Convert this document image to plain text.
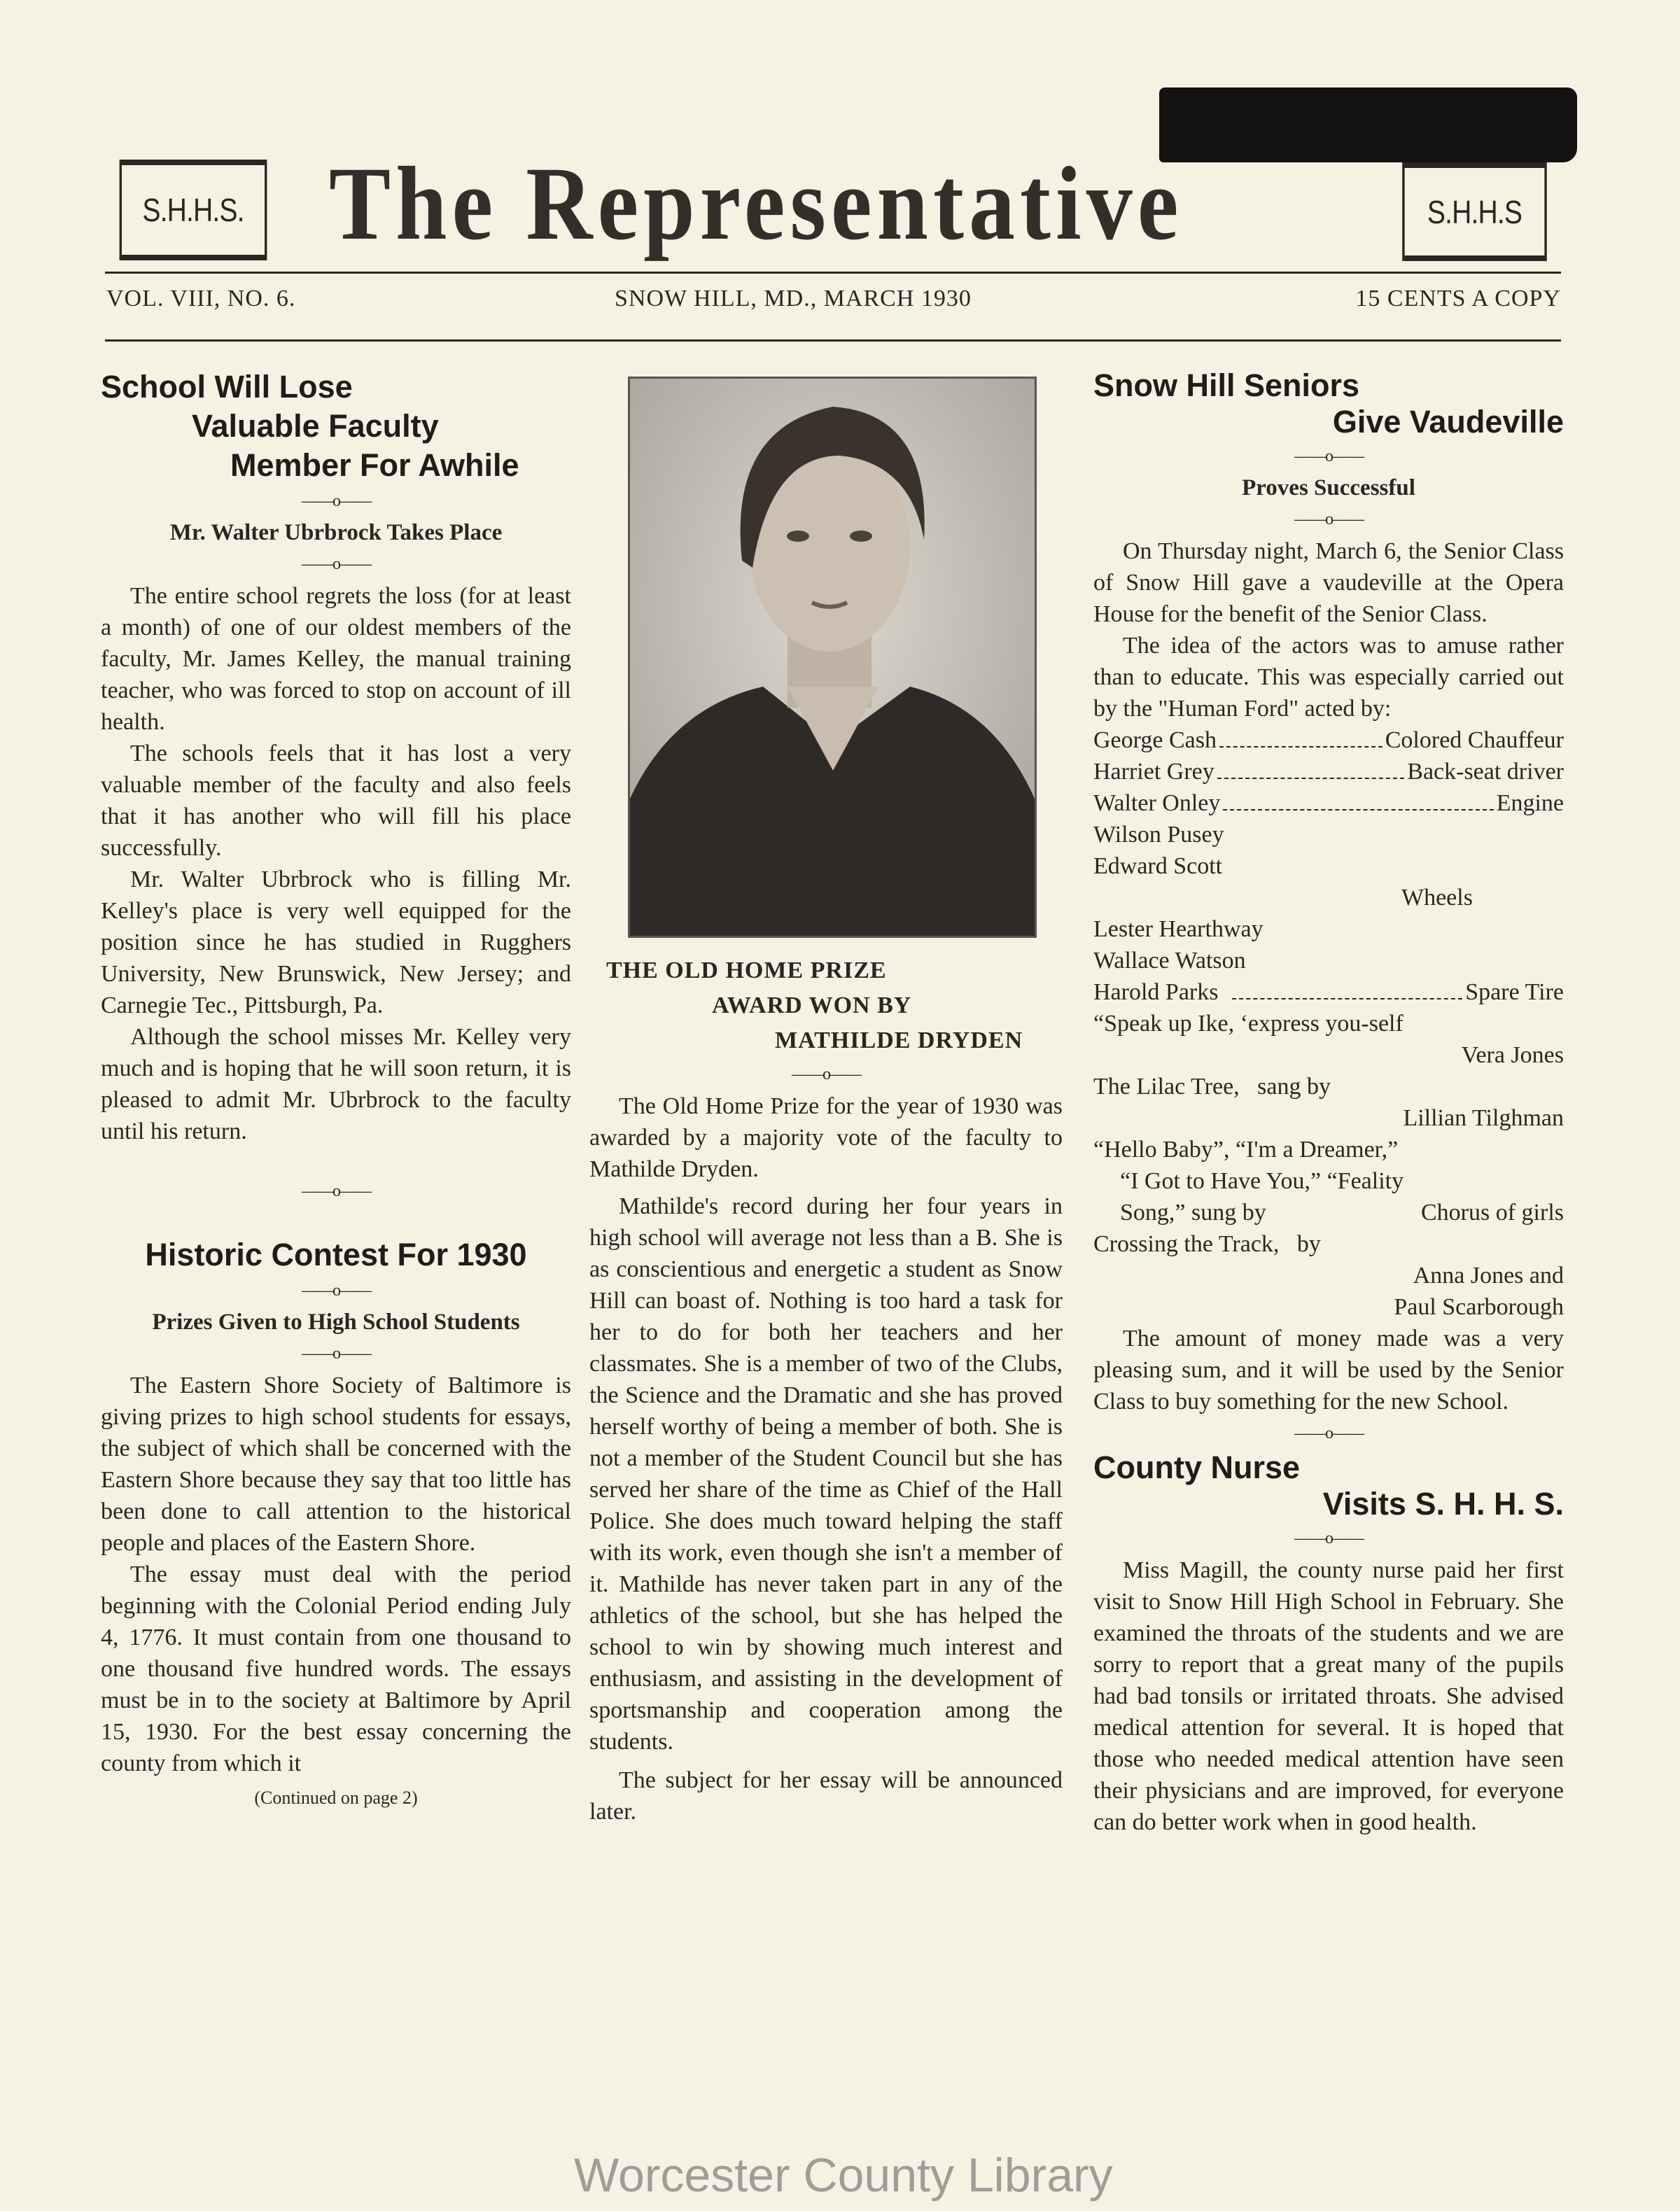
S.H.H.S. The Representative	S.H.H.S
VOL. VIII, NO. 6.	SNOW HILL, MD., MARCH 1930	15 CENTS A COPY
School Will Lose
Valuable Faculty
Member For Awhile
——o——
Mr. Walter Ubrbrock Takes Place
——o——

The entire school regrets the loss (for at least a month) of one of our oldest members of the faculty, Mr. James Kelley, the manual training teacher, who was forced to stop on account of ill health.

The schools feels that it has lost a very valuable member of the faculty and also feels that it has another who will fill his place successfully.

Mr. Walter Ubrbrock who is filling Mr. Kelley's place is very well equipped for the position since he has studied in Rugghers University, New Brunswick, New Jersey; and Carnegie Tec., Pittsburgh, Pa.

Although the school misses Mr. Kelley very much and is hoping that he will soon return, it is pleased to admit Mr. Ubrbrock to the faculty until his return.

——o——
Historic Contest For 1930
——o——
Prizes Given to High School Students
——o——

The Eastern Shore Society of Baltimore is giving prizes to high school students for essays, the subject of which shall be concerned with the Eastern Shore because they say that too little has been done to call attention to the historical people and places of the Eastern Shore.

The essay must deal with the period beginning with the Colonial Period ending July 4, 1776. It must contain from one thousand to one thousand five hundred words. The essays must be in to the society at Baltimore by April 15, 1930. For the best essay concerning the county from which it

(Continued on page 2)
THE OLD HOME PRIZE
AWARD WON BY
MATHILDE DRYDEN
——o——

The Old Home Prize for the year of 1930 was awarded by a majority vote of the faculty to Mathilde Dryden.

Mathilde's record during her four years in high school will average not less than a B. She is as conscientious and energetic a student as Snow Hill can boast of. Nothing is too hard a task for her to do for both her teachers and her classmates. She is a member of two of the Clubs, the Science and the Dramatic and she has proved herself worthy of being a member of both. She is not a member of the Student Council but she has served her share of the time as Chief of the Hall Police. She does much toward helping the staff with its work, even though she isn't a member of it. Mathilde has never taken part in any of the athletics of the school, but she has helped the school to win by showing much interest and enthusiasm, and assisting in the development of sportsmanship and cooperation among the students.

The subject for her essay will be announced later.

Snow Hill Seniors
Give Vaudeville
——o——
Proves Successful
——o——

On Thursday night, March 6, the Senior Class of Snow Hill gave a vaudeville at the Opera House for the benefit of the Senior Class.

The idea of the actors was to amuse rather than to educate. This was especially carried out by the "Human Ford" acted by:

George Cash	Colored Chauffeur
Harriet Grey	Back-seat driver
Walter Onley	Engine
Wilson Pusey
Edward Scott
Wheels
Lester Hearthway
Wallace Watson
Harold Parks	Spare Tire
“Speak up Ike, ‘express you-self
Vera Jones
The Lilac Tree,   sang by
Lillian Tilghman
“Hello Baby”, “I'm a Dreamer,”
“I Got to Have You,” “Feality
Song,” sung by	Chorus of girls
Crossing the Track,   by
Anna Jones and
Paul Scarborough

The amount of money made was a very pleasing sum, and it will be used by the Senior Class to buy something for the new School.

——o——
County Nurse
Visits S. H. H. S.
——o——

Miss Magill, the county nurse paid her first visit to Snow Hill High School in February. She examined the throats of the students and we are sorry to report that a great many of the pupils had bad tonsils or irritated throats. She advised medical attention for several. It is hoped that those who needed medical attention have seen their physicians and are improved, for everyone can do better work when in good health.

Worcester County Library
